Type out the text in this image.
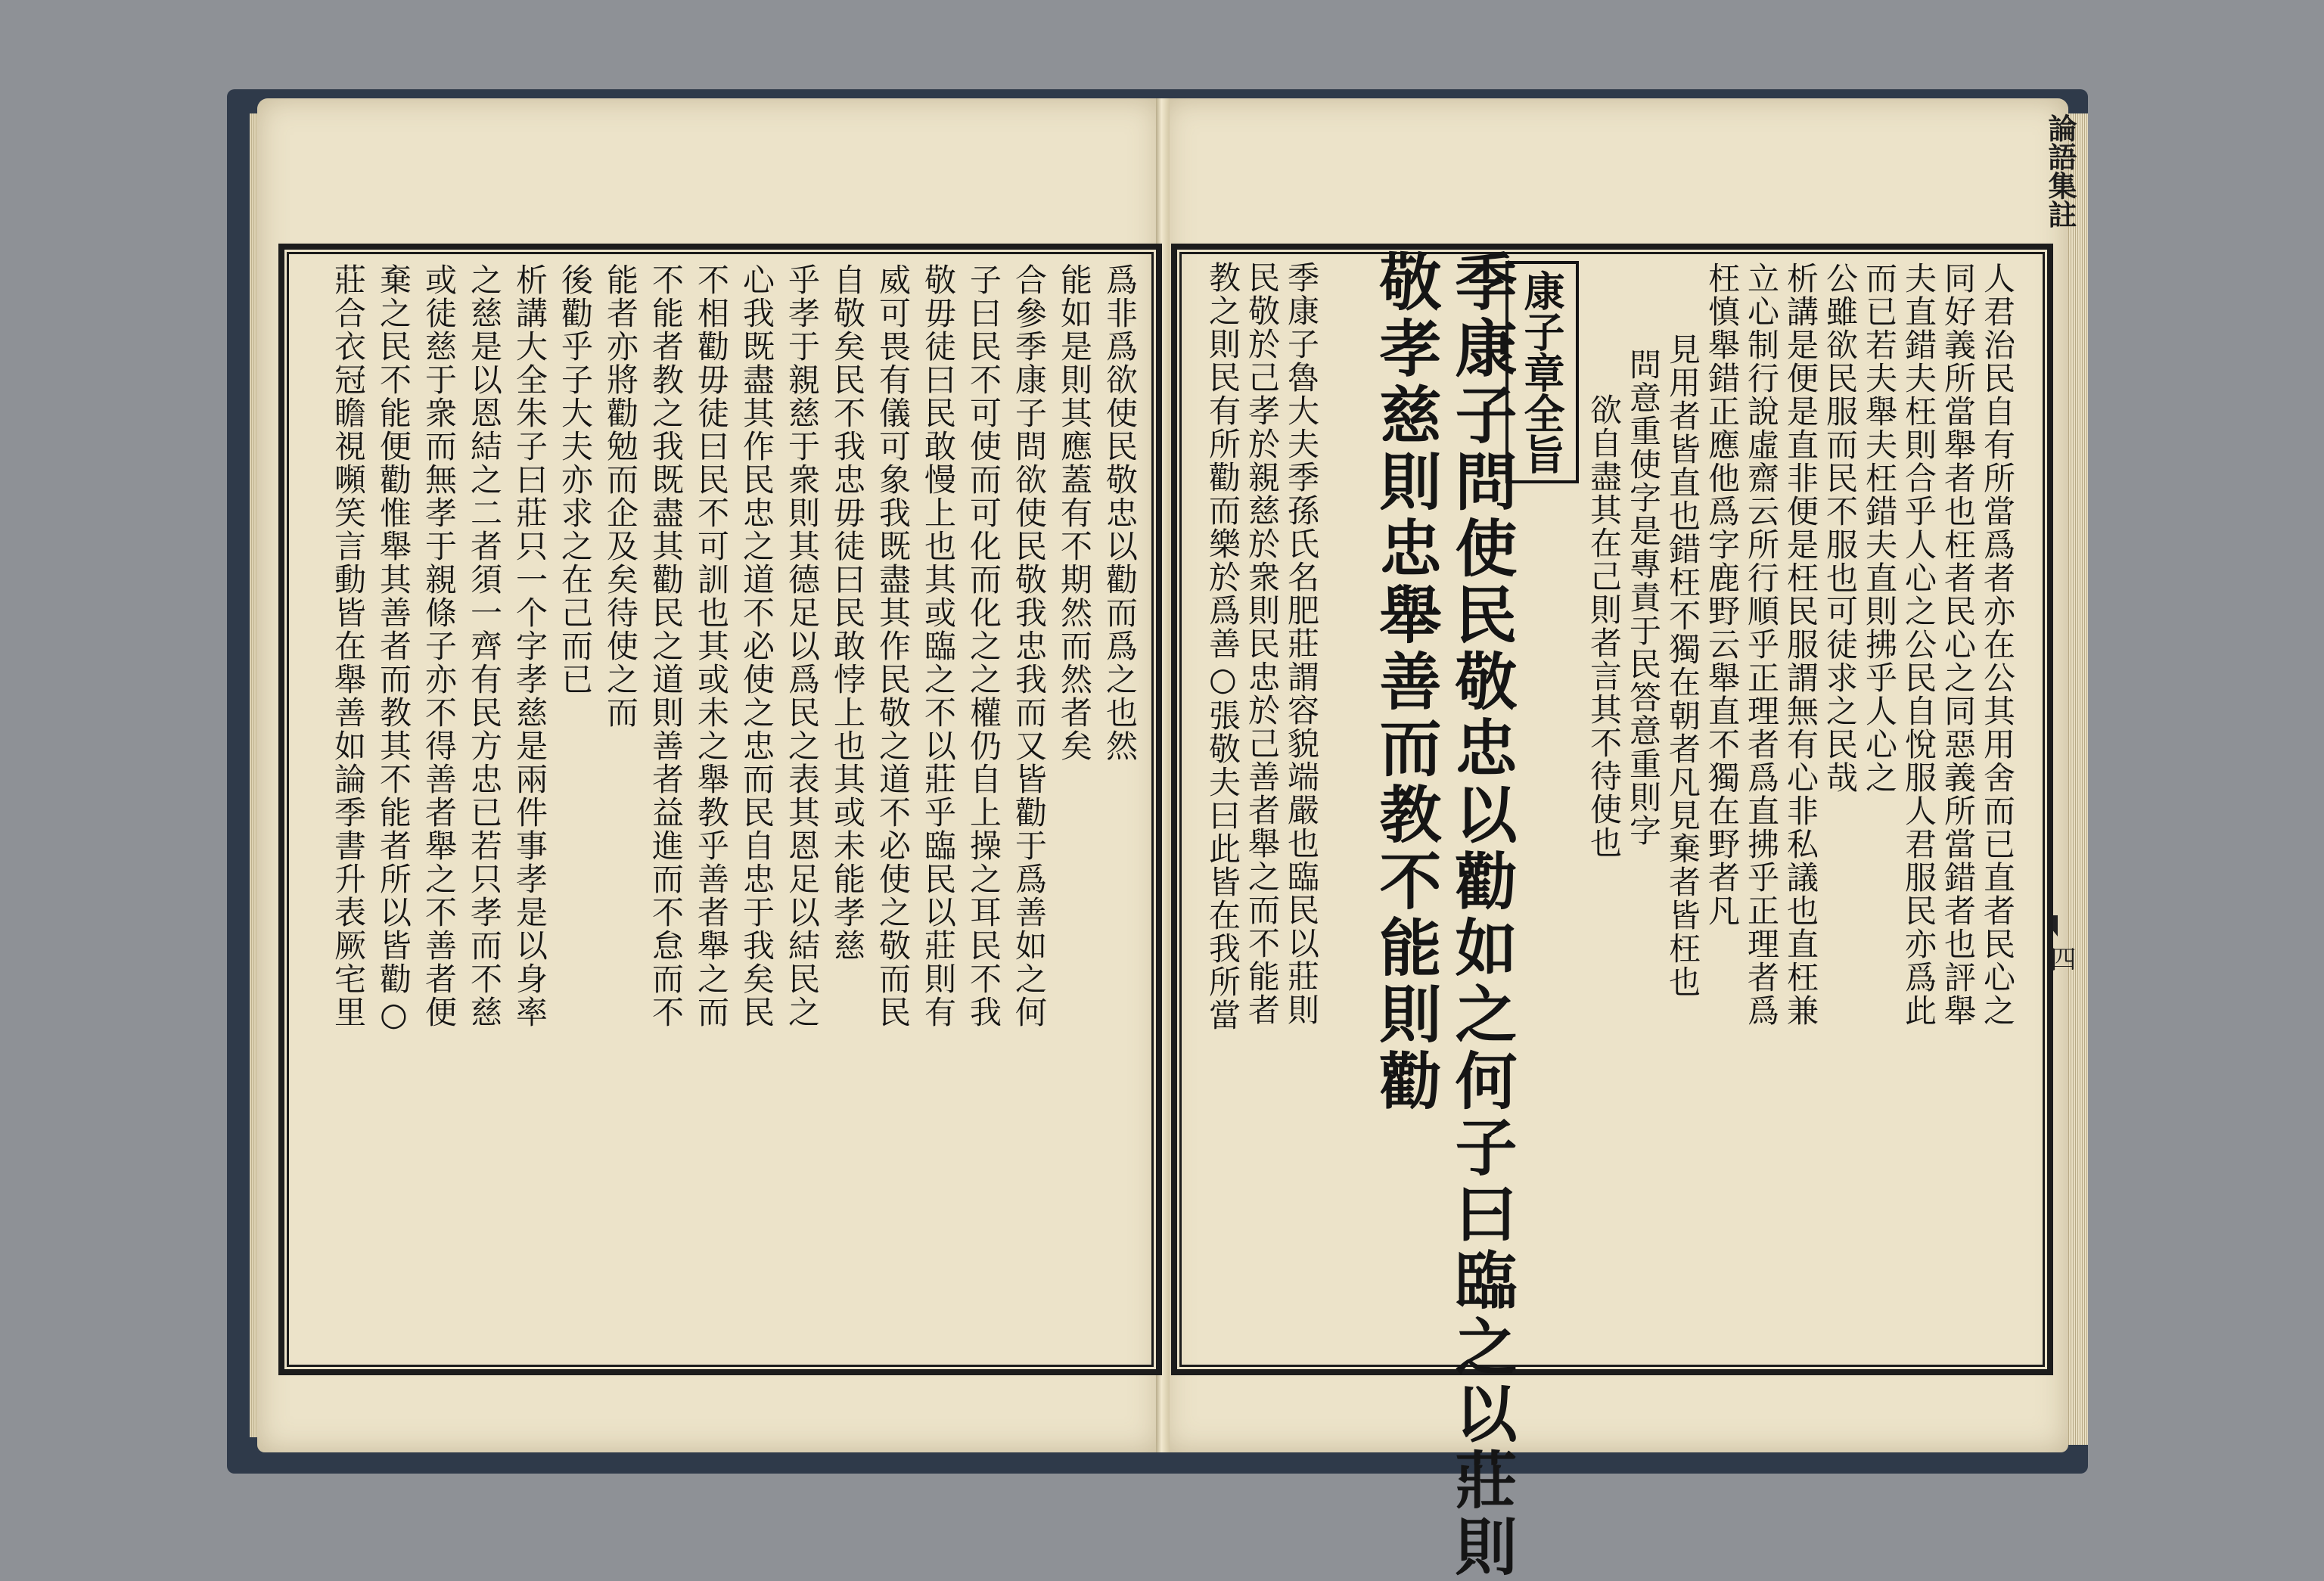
論語集註
四
人君治民自有所當爲者亦在公其用舍而已直者民心之
同好義所當舉者也枉者民心之同惡義所當錯者也評舉
夫直錯夫枉則合乎人心之公民自悅服人君服民亦爲此
而已若夫舉夫枉錯夫直則拂乎人心之
公雖欲民服而民不服也可徒求之民哉
析講是便是直非便是枉民服謂無有心非私議也直枉兼
立心制行說虛齋云所行順乎正理者爲直拂乎正理者爲
枉慎舉錯正應他爲字鹿野云舉直不獨在野者凡
見用者皆直也錯枉不獨在朝者凡見棄者皆枉也
問意重使字是專責于民答意重則字
欲自盡其在己則者言其不待使也
康子章全旨
季康子問使民敬忠以勸如之何子曰臨之以莊則
敬孝慈則忠舉善而教不能則勸
季康子魯大夫季孫氏名肥莊謂容貌端嚴也臨民以莊則
民敬於己孝於親慈於衆則民忠於己善者舉之而不能者
教之則民有所勸而樂於爲善○張敬夫曰此皆在我所當
爲非爲欲使民敬忠以勸而爲之也然
能如是則其應蓋有不期然而然者矣
合參季康子問欲使民敬我忠我而又皆勸于爲善如之何
子曰民不可使而可化而化之之權仍自上操之耳民不我
敬毋徒曰民敢慢上也其或臨之不以莊乎臨民以莊則有
威可畏有儀可象我既盡其作民敬之道不必使之敬而民
自敬矣民不我忠毋徒曰民敢悖上也其或未能孝慈
乎孝于親慈于衆則其德足以爲民之表其恩足以結民之
心我既盡其作民忠之道不必使之忠而民自忠于我矣民
不相勸毋徒曰民不可訓也其或未之舉教乎善者舉之而
不能者教之我既盡其勸民之道則善者益進而不怠而不
能者亦將勸勉而企及矣待使之而
後勸乎子大夫亦求之在己而已
析講大全朱子曰莊只一个字孝慈是兩件事孝是以身率
之慈是以恩結之二者須一齊有民方忠已若只孝而不慈
或徒慈于衆而無孝于親條子亦不得善者舉之不善者便
棄之民不能便勸惟舉其善者而教其不能者所以皆勸○
莊合衣冠瞻視嚬笑言動皆在舉善如論季書升表厥宅里
